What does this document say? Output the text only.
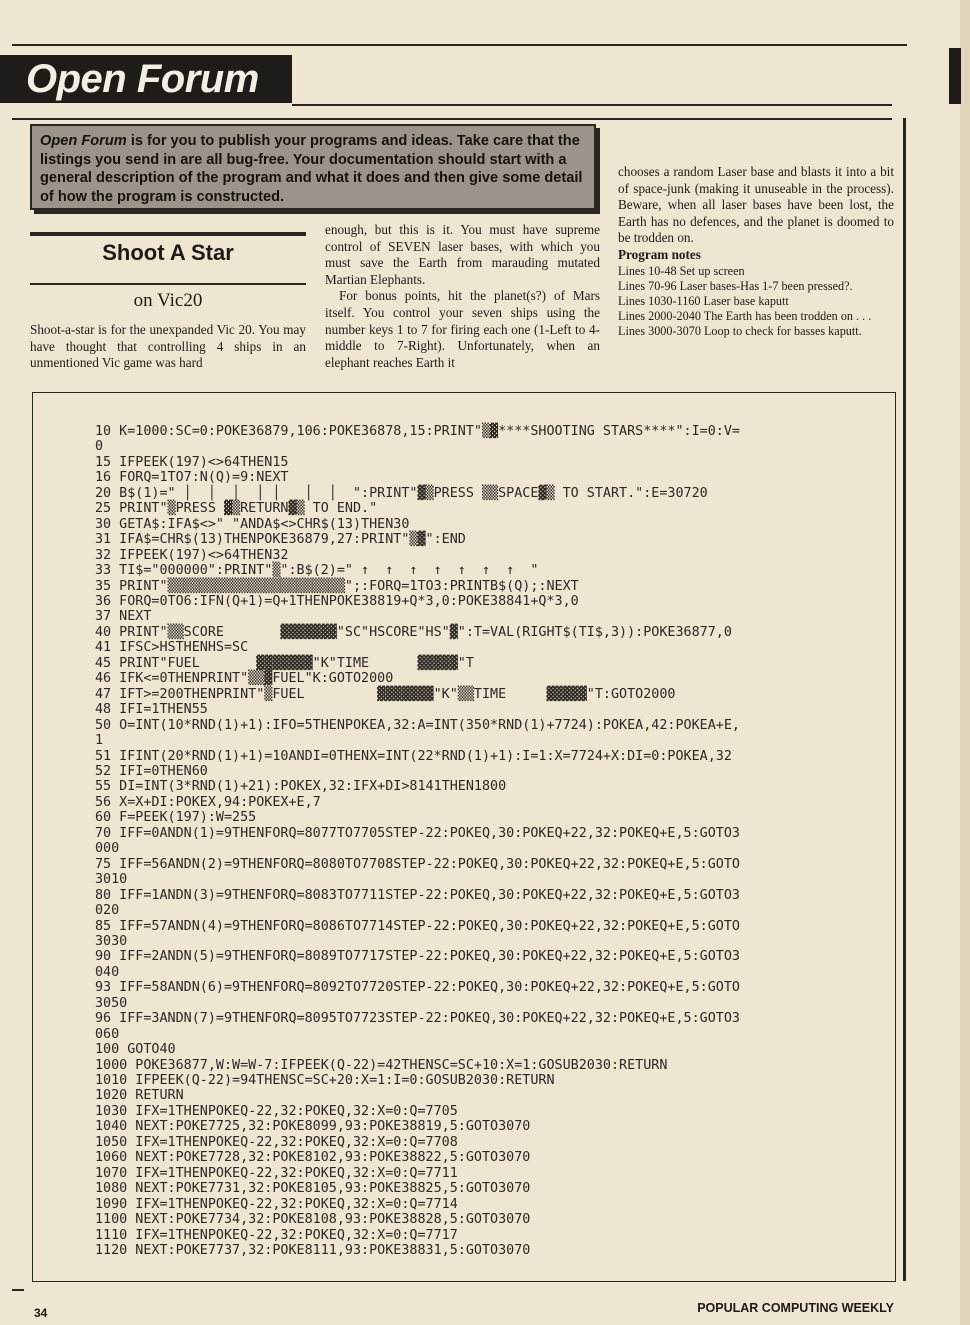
Open Forum
Open Forum is for you to publish your programs and ideas. Take care that the listings you send in are all bug-free. Your documentation should start with a general description of the program and what it does and then give some detail of how the program is constructed.
Shoot A Star
on Vic20

Shoot-a-star is for the unexpanded Vic 20. You may have thought that controlling 4 ships in an unmentioned Vic game was hard

enough, but this is it. You must have supreme control of SEVEN laser bases, with which you must save the Earth from marauding mutated Martian Elephants.

For bonus points, hit the planet(s?) of Mars itself. You control your seven ships using the number keys 1 to 7 for firing each one (1-Left to 4-middle to 7-Right). Unfortunately, when an elephant reaches Earth it

chooses a random Laser base and blasts it into a bit of space-junk (making it unuseable in the process). Beware, when all laser bases have been lost, the Earth has no defences, and the planet is doomed to be trodden on.

Program notes

Lines 10-48 Set up screen
Lines 70-96 Laser bases-Has 1-7 been pressed?.
Lines 1030-1160 Laser base kaputt
Lines 2000-2040 The Earth has been trodden on . . .
Lines 3000-3070 Loop to check for basses kaputt.
10 K=1000:SC=0:POKE36879,106:POKE36878,15:PRINT"▒▓****SHOOTING STARS****":I=0:V=
0
15 IFPEEK(197)<>64THEN15
16 FORQ=1TO7:N(Q)=9:NEXT
20 B$(1)=" │  │  │  │ │   │  │  ":PRINT"▓▒PRESS ▒▒SPACE▓▒ TO START.":E=30720
25 PRINT"▒PRESS ▓▒RETURN▓▒ TO END."
30 GETA$:IFA$<>" "ANDA$<>CHR$(13)THEN30
31 IFA$=CHR$(13)THENPOKE36879,27:PRINT"▒▓":END
32 IFPEEK(197)<>64THEN32
33 TI$="000000":PRINT"▒":B$(2)=" ↑  ↑  ↑  ↑  ↑  ↑  ↑  "
35 PRINT"▒▒▒▒▒▒▒▒▒▒▒▒▒▒▒▒▒▒▒▒▒▒";:FORQ=1TO3:PRINTB$(Q);:NEXT
36 FORQ=0TO6:IFN(Q+1)=Q+1THENPOKE38819+Q*3,0:POKE38841+Q*3,0
37 NEXT
40 PRINT"▒▒SCORE       ▓▓▓▓▓▓▓"SC"HSCORE"HS"▓":T=VAL(RIGHT$(TI$,3)):POKE36877,0
41 IFSC>HSTHENHS=SC
45 PRINT"FUEL       ▓▓▓▓▓▓▓"K"TIME      ▓▓▓▓▓"T
46 IFK<=0THENPRINT"▒▒▓FUEL"K:GOTO2000
47 IFT>=200THENPRINT"▒FUEL         ▓▓▓▓▓▓▓"K"▒▒TIME     ▓▓▓▓▓"T:GOTO2000
48 IFI=1THEN55
50 O=INT(10*RND(1)+1):IFO=5THENPOKEA,32:A=INT(350*RND(1)+7724):POKEA,42:POKEA+E,
1
51 IFINT(20*RND(1)+1)=10ANDI=0THENX=INT(22*RND(1)+1):I=1:X=7724+X:DI=0:POKEA,32
52 IFI=0THEN60
55 DI=INT(3*RND(1)+21):POKEX,32:IFX+DI>8141THEN1800
56 X=X+DI:POKEX,94:POKEX+E,7
60 F=PEEK(197):W=255
70 IFF=0ANDN(1)=9THENFORQ=8077TO7705STEP-22:POKEQ,30:POKEQ+22,32:POKEQ+E,5:GOTO3
000
75 IFF=56ANDN(2)=9THENFORQ=8080TO7708STEP-22:POKEQ,30:POKEQ+22,32:POKEQ+E,5:GOTO
3010
80 IFF=1ANDN(3)=9THENFORQ=8083TO7711STEP-22:POKEQ,30:POKEQ+22,32:POKEQ+E,5:GOTO3
020
85 IFF=57ANDN(4)=9THENFORQ=8086TO7714STEP-22:POKEQ,30:POKEQ+22,32:POKEQ+E,5:GOTO
3030
90 IFF=2ANDN(5)=9THENFORQ=8089TO7717STEP-22:POKEQ,30:POKEQ+22,32:POKEQ+E,5:GOTO3
040
93 IFF=58ANDN(6)=9THENFORQ=8092TO7720STEP-22:POKEQ,30:POKEQ+22,32:POKEQ+E,5:GOTO
3050
96 IFF=3ANDN(7)=9THENFORQ=8095TO7723STEP-22:POKEQ,30:POKEQ+22,32:POKEQ+E,5:GOTO3
060
100 GOTO40
1000 POKE36877,W:W=W-7:IFPEEK(Q-22)=42THENSC=SC+10:X=1:GOSUB2030:RETURN
1010 IFPEEK(Q-22)=94THENSC=SC+20:X=1:I=0:GOSUB2030:RETURN
1020 RETURN
1030 IFX=1THENPOKEQ-22,32:POKEQ,32:X=0:Q=7705
1040 NEXT:POKE7725,32:POKE8099,93:POKE38819,5:GOTO3070
1050 IFX=1THENPOKEQ-22,32:POKEQ,32:X=0:Q=7708
1060 NEXT:POKE7728,32:POKE8102,93:POKE38822,5:GOTO3070
1070 IFX=1THENPOKEQ-22,32:POKEQ,32:X=0:Q=7711
1080 NEXT:POKE7731,32:POKE8105,93:POKE38825,5:GOTO3070
1090 IFX=1THENPOKEQ-22,32:POKEQ,32:X=0:Q=7714
1100 NEXT:POKE7734,32:POKE8108,93:POKE38828,5:GOTO3070
1110 IFX=1THENPOKEQ-22,32:POKEQ,32:X=0:Q=7717
1120 NEXT:POKE7737,32:POKE8111,93:POKE38831,5:GOTO3070
34	POPULAR COMPUTING WEEKLY
